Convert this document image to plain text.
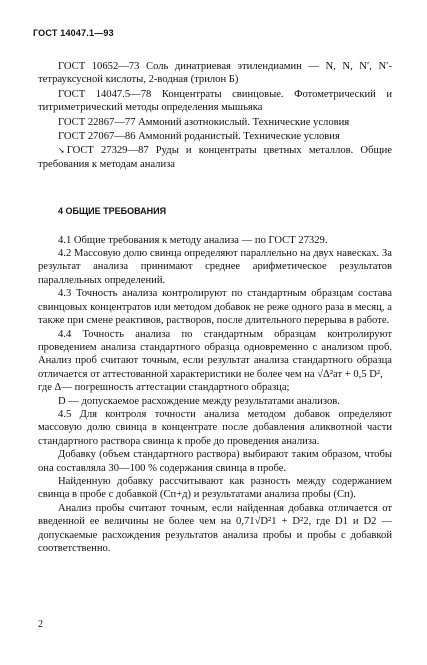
ГОСТ 14047.1—93

ГОСТ 10652—73 Соль динатриевая этилендиамин — N, N, N′, N′- тетрауксусной кислоты, 2-водная (трилон Б)

ГОСТ 14047.5—78 Концентраты свинцовые. Фотометрический и титриметрический методы определения мышьяка

ГОСТ 22867—77 Аммоний азотнокислый. Технические условия

ГОСТ 27067—86 Аммоний роданистый. Технические условия

➘ ГОСТ 27329—87 Руды и концентраты цветных металлов. Общие требования к методам анализа

4 ОБЩИЕ ТРЕБОВАНИЯ

4.1 Общие требования к методу анализа — по ГОСТ 27329.

4.2 Массовую долю свинца определяют параллельно на двух навесках. За результат анализа принимают среднее арифметическое результатов параллельных определений.

4.3 Точность анализа контролируют по стандартным образцам состава свинцовых концентратов или методом добавок не реже одного раза в месяц, а также при смене реактивов, растворов, после длительного перерыва в работе.

4.4 Точность анализа по стандартным образцам контролируют проведением анализа стандартного образца одновременно с анализом проб. Анализ проб считают точным, если результат анализа стандартного образца отличается от аттестованной характеристики не более чем на √Δ²ат + 0,5 D²,

где Δ— погрешность аттестации стандартного образца;

D — допускаемое расхождение между результатами анализов.

4.5 Для контроля точности анализа методом добавок определяют массовую долю свинца в концентрате после добавления аликвотной части стандартного раствора свинца к пробе до проведения анализа.

Добавку (объем стандартного раствора) выбирают таким образом, чтобы она составляла 30—100 % содержания свинца в пробе.

Найденную добавку рассчитывают как разность между содержанием свинца в пробе с добавкой (Cп+д) и результатами анализа пробы (Cп).

Анализ пробы считают точным, если найденная добавка отличается от введенной ее величины не более чем на 0,71√D²1 + D²2, где D1 и D2 — допускаемые расхождения результатов анализа пробы и пробы с добавкой соответственно.

2
